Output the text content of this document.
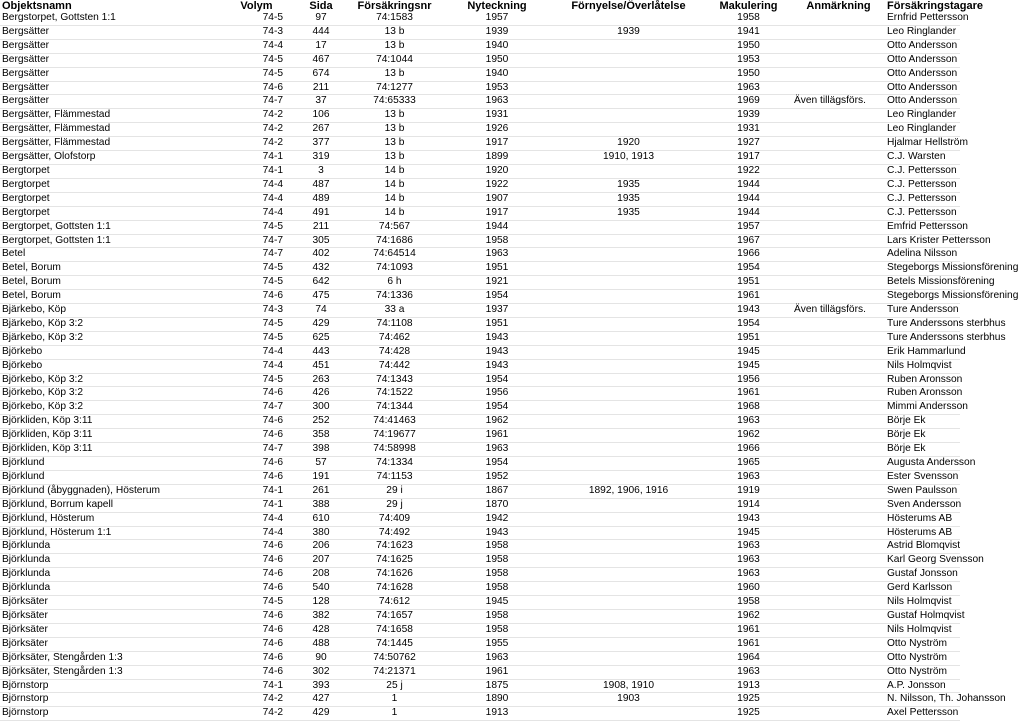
Objektsnamn	Volym	Sida	Försäkringsnr	Nyteckning	Förnyelse/Överlåtelse	Makulering	Anmärkning	Försäkringstagare
Bergstorpet, Gottsten 1:1	74-5	97	74:1583	1957		1958		Ernfrid Pettersson
Bergsätter	74-3	444	13 b	1939	1939	1941		Leo Ringlander
Bergsätter	74-4	17	13 b	1940		1950		Otto Andersson
Bergsätter	74-5	467	74:1044	1950		1953		Otto Andersson
Bergsätter	74-5	674	13 b	1940		1950		Otto Andersson
Bergsätter	74-6	211	74:1277	1953		1963		Otto Andersson
Bergsätter	74-7	37	74:65333	1963		1969	Även tillägsförs.	Otto Andersson
Bergsätter, Flämmestad	74-2	106	13 b	1931		1939		Leo Ringlander
Bergsätter, Flämmestad	74-2	267	13 b	1926		1931		Leo Ringlander
Bergsätter, Flämmestad	74-2	377	13 b	1917	1920	1927		Hjalmar Hellström
Bergsätter, Olofstorp	74-1	319	13 b	1899	1910, 1913	1917		C.J. Warsten
Bergtorpet	74-1	3	14 b	1920		1922		C.J. Pettersson
Bergtorpet	74-4	487	14 b	1922	1935	1944		C.J. Pettersson
Bergtorpet	74-4	489	14 b	1907	1935	1944		C.J. Pettersson
Bergtorpet	74-4	491	14 b	1917	1935	1944		C.J. Pettersson
Bergtorpet, Gottsten 1:1	74-5	211	74:567	1944		1957		Emfrid Pettersson
Bergtorpet, Gottsten 1:1	74-7	305	74:1686	1958		1967		Lars Krister Pettersson
Betel	74-7	402	74:64514	1963		1966		Adelina Nilsson
Betel, Borum	74-5	432	74:1093	1951		1954		Stegeborgs Missionsförening
Betel, Borum	74-5	642	6 h	1921		1951		Betels Missionsförening
Betel, Borum	74-6	475	74:1336	1954		1961		Stegeborgs Missionsförening
Bjärkebo, Köp	74-3	74	33 a	1937		1943	Även tillägsförs.	Ture Andersson
Bjärkebo, Köp 3:2	74-5	429	74:1108	1951		1954		Ture Anderssons sterbhus
Bjärkebo, Köp 3:2	74-5	625	74:462	1943		1951		Ture Anderssons sterbhus
Björkebo	74-4	443	74:428	1943		1945		Erik Hammarlund
Björkebo	74-4	451	74:442	1943		1945		Nils Holmqvist
Björkebo, Köp 3:2	74-5	263	74:1343	1954		1956		Ruben Aronsson
Björkebo, Köp 3:2	74-6	426	74:1522	1956		1961		Ruben Aronsson
Björkebo, Köp 3:2	74-7	300	74:1344	1954		1968		Mimmi Andersson
Björkliden, Köp 3:11	74-6	252	74:41463	1962		1963		Börje Ek
Björkliden, Köp 3:11	74-6	358	74:19677	1961		1962		Börje Ek
Björkliden, Köp 3:11	74-7	398	74:58998	1963		1966		Börje Ek
Björklund	74-6	57	74:1334	1954		1965		Augusta Andersson
Björklund	74-6	191	74:1153	1952		1963		Ester Svensson
Björklund (åbyggnaden), Hösterum	74-1	261	29 i	1867	1892, 1906, 1916	1919		Swen Paulsson
Björklund, Borrum kapell	74-1	388	29 j	1870		1914		Sven Andersson
Björklund, Hösterum	74-4	610	74:409	1942		1943		Hösterums AB
Björklund, Hösterum 1:1	74-4	380	74:492	1943		1945		Hösterums AB
Björklunda	74-6	206	74:1623	1958		1963		Astrid Blomqvist
Björklunda	74-6	207	74:1625	1958		1963		Karl Georg Svensson
Björklunda	74-6	208	74:1626	1958		1963		Gustaf Jonsson
Björklunda	74-6	540	74:1628	1958		1960		Gerd Karlsson
Björksäter	74-5	128	74:612	1945		1958		Nils Holmqvist
Björksäter	74-6	382	74:1657	1958		1962		Gustaf Holmqvist
Björksäter	74-6	428	74:1658	1958		1961		Nils Holmqvist
Björksäter	74-6	488	74:1445	1955		1961		Otto Nyström
Björksäter, Stengården 1:3	74-6	90	74:50762	1963		1964		Otto Nyström
Björksäter, Stengården 1:3	74-6	302	74:21371	1961		1963		Otto Nyström
Björnstorp	74-1	393	25 j	1875	1908, 1910	1913		A.P. Jonsson
Björnstorp	74-2	427	1	1890	1903	1925		N. Nilsson, Th. Johansson
Björnstorp	74-2	429	1	1913		1925		Axel Pettersson
